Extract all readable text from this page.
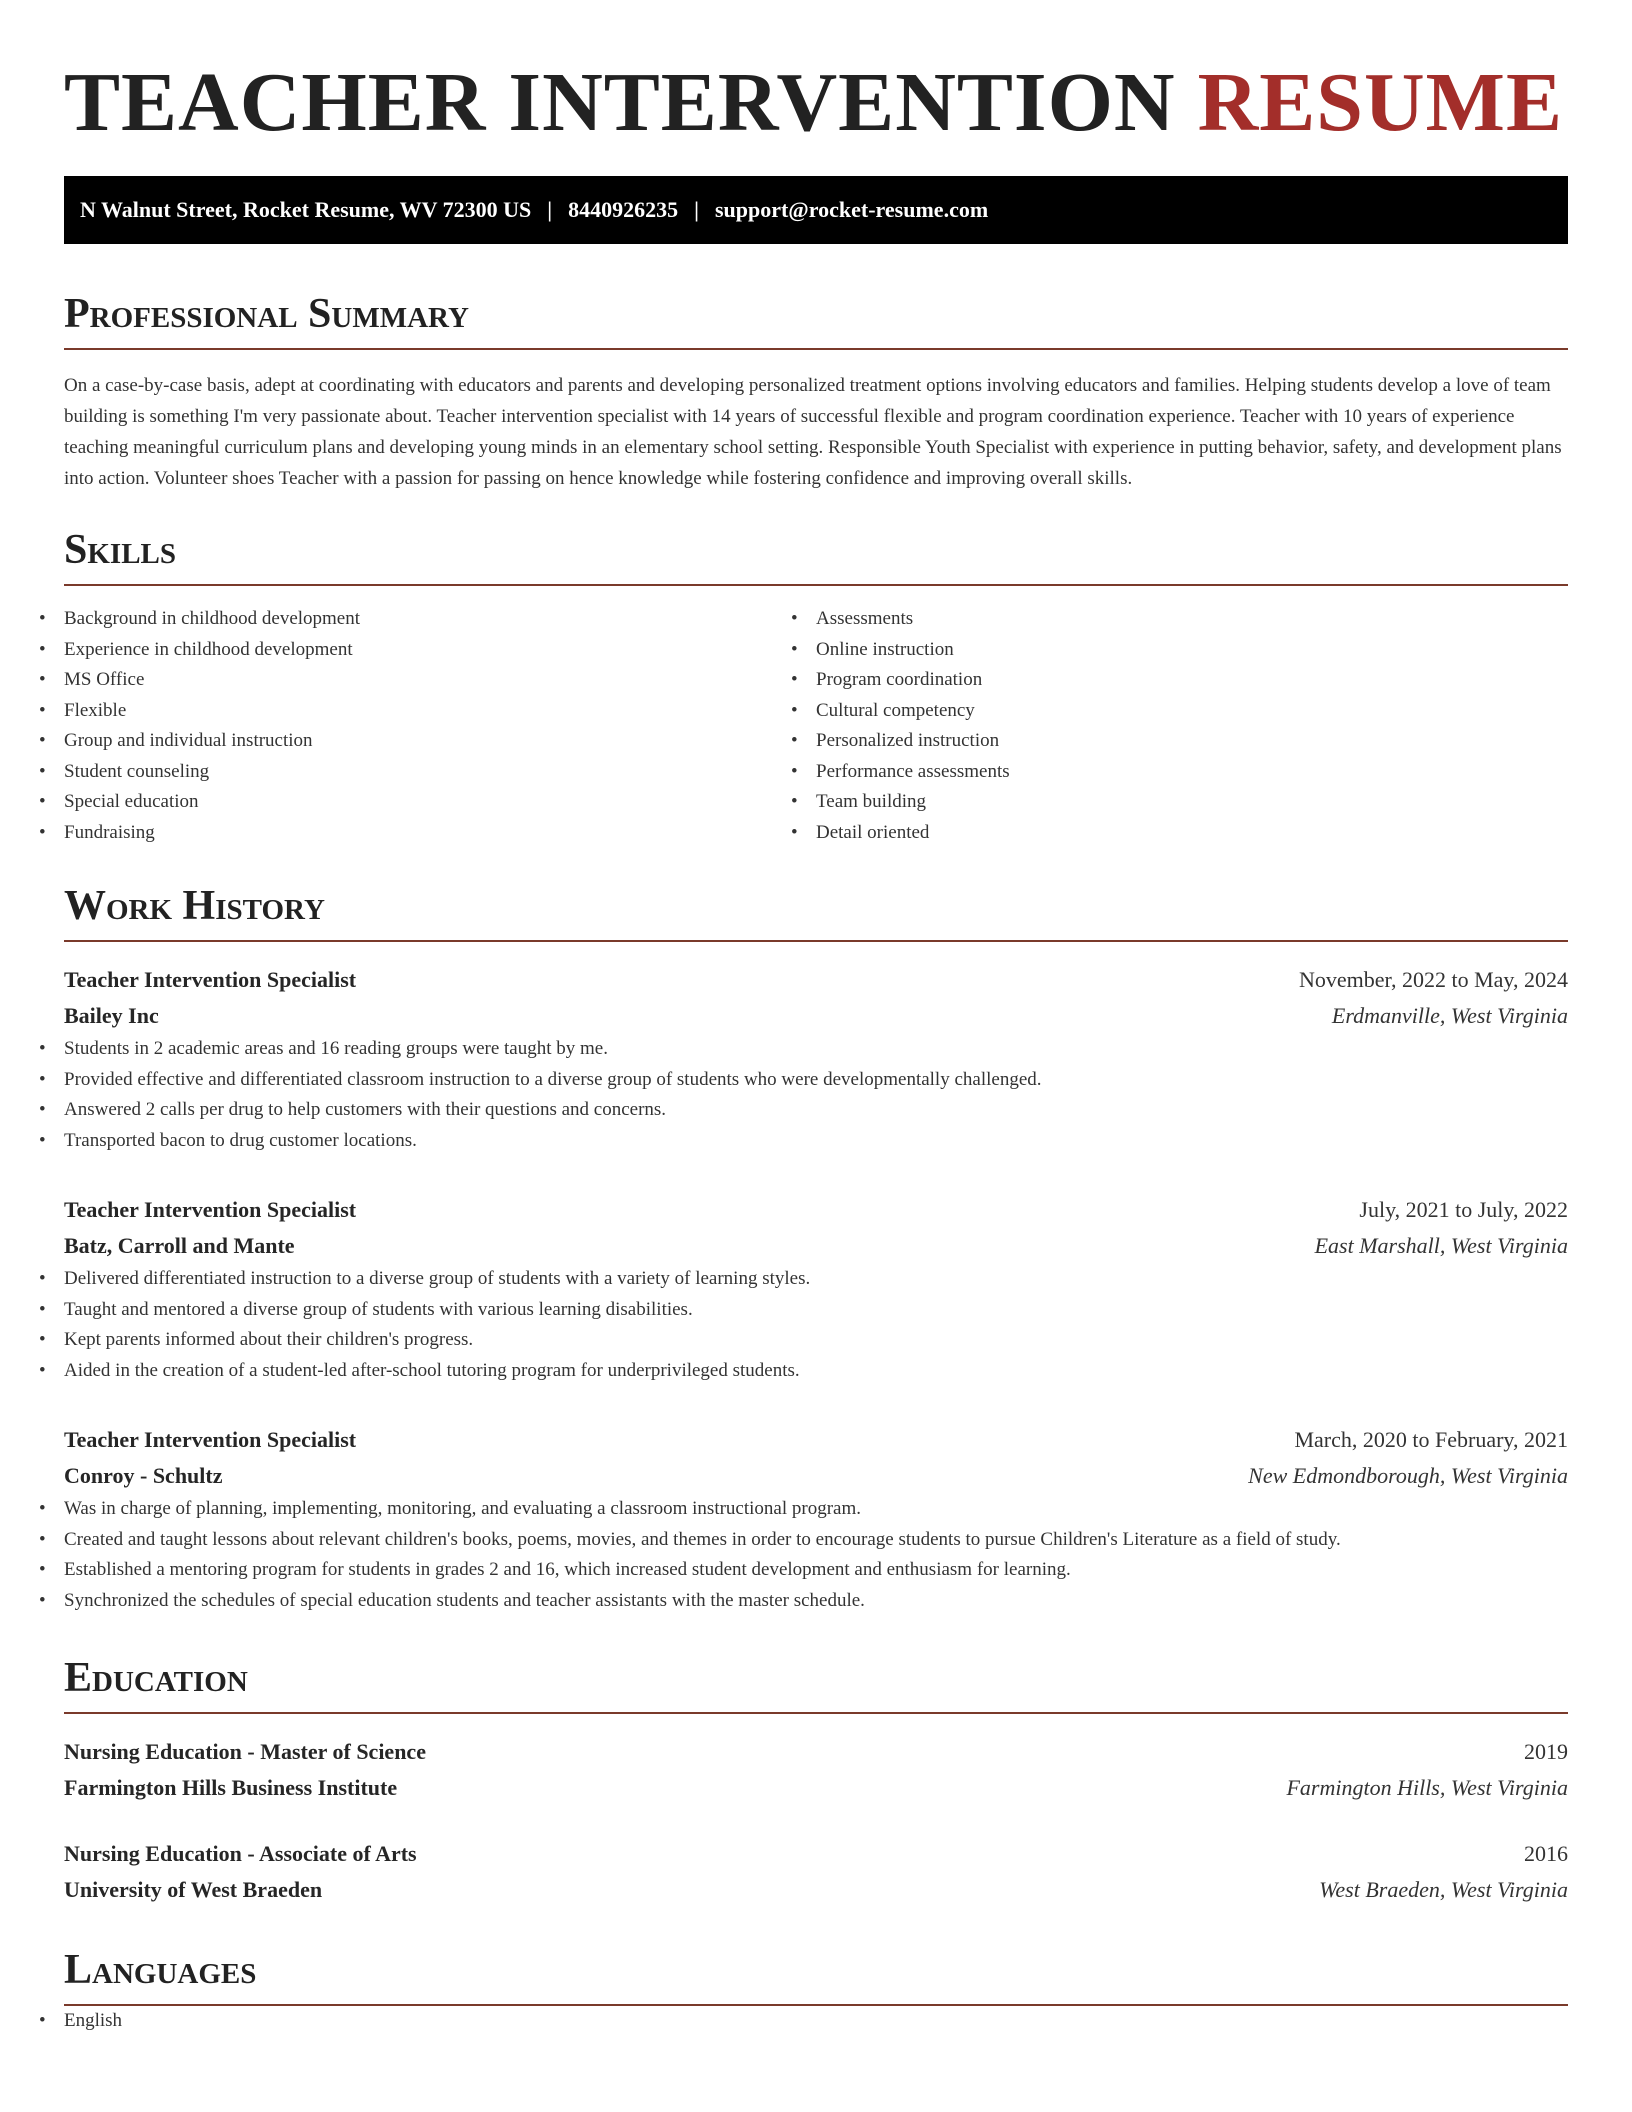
TEACHER INTERVENTION RESUME
N Walnut Street, Rocket Resume, WV 72300 US | 8440926235 | support@rocket-resume.com
Professional Summary

On a case-by-case basis, adept at coordinating with educators and parents and developing personalized treatment options involving educators and families. Helping students develop a love of team building is something I'm very passionate about. Teacher intervention specialist with 14 years of successful flexible and program coordination experience. Teacher with 10 years of experience teaching meaningful curriculum plans and developing young minds in an elementary school setting. Responsible Youth Specialist with experience in putting behavior, safety, and development plans into action. Volunteer shoes Teacher with a passion for passing on hence knowledge while fostering confidence and improving overall skills.

Skills
• Background in childhood development
• Experience in childhood development
• MS Office
• Flexible
• Group and individual instruction
• Student counseling
• Special education
• Fundraising
• Assessments
• Online instruction
• Program coordination
• Cultural competency
• Personalized instruction
• Performance assessments
• Team building
• Detail oriented
Work History
Teacher Intervention Specialist	November, 2022 to May, 2024
Bailey Inc	Erdmanville, West Virginia
• Students in 2 academic areas and 16 reading groups were taught by me.
• Provided effective and differentiated classroom instruction to a diverse group of students who were developmentally challenged.
• Answered 2 calls per drug to help customers with their questions and concerns.
• Transported bacon to drug customer locations.
Teacher Intervention Specialist	July, 2021 to July, 2022
Batz, Carroll and Mante	East Marshall, West Virginia
• Delivered differentiated instruction to a diverse group of students with a variety of learning styles.
• Taught and mentored a diverse group of students with various learning disabilities.
• Kept parents informed about their children's progress.
• Aided in the creation of a student-led after-school tutoring program for underprivileged students.
Teacher Intervention Specialist	March, 2020 to February, 2021
Conroy - Schultz	New Edmondborough, West Virginia
• Was in charge of planning, implementing, monitoring, and evaluating a classroom instructional program.
• Created and taught lessons about relevant children's books, poems, movies, and themes in order to encourage students to pursue Children's Literature as a field of study.
• Established a mentoring program for students in grades 2 and 16, which increased student development and enthusiasm for learning.
• Synchronized the schedules of special education students and teacher assistants with the master schedule.
Education
Nursing Education - Master of Science	2019
Farmington Hills Business Institute	Farmington Hills, West Virginia
Nursing Education - Associate of Arts	2016
University of West Braeden	West Braeden, West Virginia
Languages
• English
